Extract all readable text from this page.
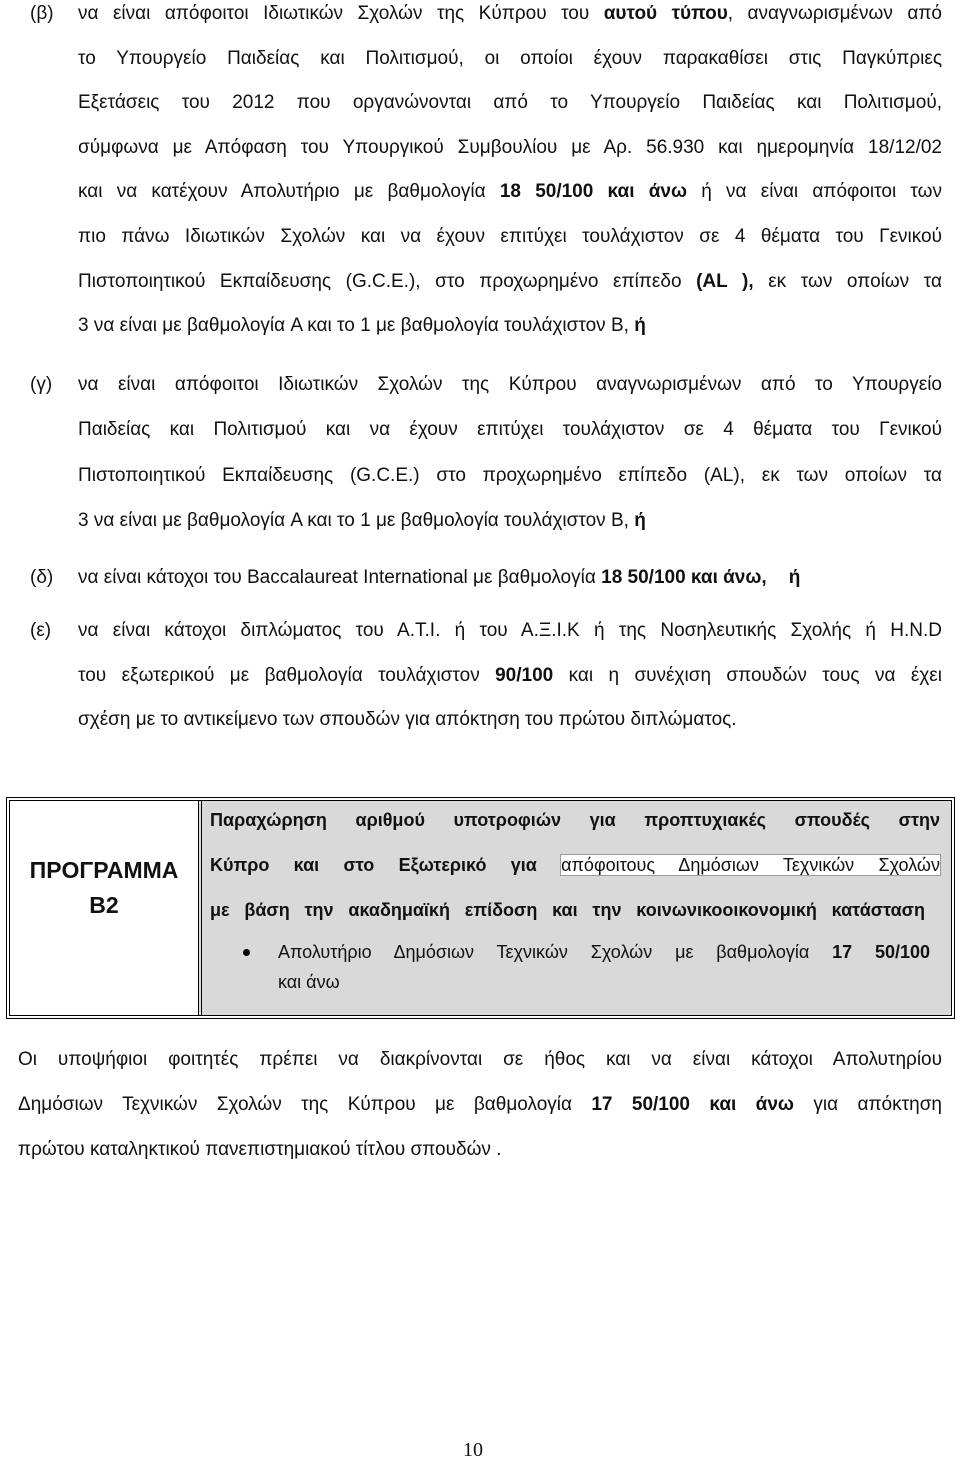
(β) να είναι απόφοιτοι Ιδιωτικών Σχολών της Κύπρου του αυτού τύπου, αναγνωρισμένων από
το Υπουργείο Παιδείας και Πολιτισμού, οι οποίοι έχουν παρακαθίσει στις Παγκύπριες
Εξετάσεις του 2012 που οργανώνονται από το Υπουργείο Παιδείας και Πολιτισμού,
σύμφωνα με Απόφαση του Υπουργικού Συμβουλίου με Αρ. 56.930 και ημερομηνία 18/12/02
και να κατέχουν Απολυτήριο με βαθμολογία 18 50/100 και άνω ή να είναι απόφοιτοι των
πιο πάνω Ιδιωτικών Σχολών και να έχουν επιτύχει τουλάχιστον σε 4 θέματα του Γενικού
Πιστοποιητικού Εκπαίδευσης (G.C.E.), στο προχωρημένο επίπεδο (AL ), εκ των οποίων τα
3 να είναι με βαθμολογία A και το 1 με βαθμολογία τουλάχιστον B, ή
(γ) να είναι απόφοιτοι Ιδιωτικών Σχολών της Κύπρου αναγνωρισμένων από το Υπουργείο
Παιδείας και Πολιτισμού και να έχουν επιτύχει τουλάχιστον σε 4 θέματα του Γενικού
Πιστοποιητικού Εκπαίδευσης (G.C.E.) στο προχωρημένο επίπεδο (AL), εκ των οποίων τα
3 να είναι με βαθμολογία A και το 1 με βαθμολογία τουλάχιστον B, ή
(δ) να είναι κάτοχοι του Baccalaureat International με βαθμολογία 18 50/100 και άνω, ή
(ε) να είναι κάτοχοι διπλώματος του Α.Τ.Ι. ή του Α.Ξ.Ι.Κ ή της Νοσηλευτικής Σχολής ή H.N.D
του εξωτερικού με βαθμολογία τουλάχιστον 90/100 και η συνέχιση σπουδών τους να έχει
σχέση με το αντικείμενο των σπουδών για απόκτηση του πρώτου διπλώματος.
ΠΡΟΓΡΑΜΜΑ
Β2
Παραχώρηση αριθμού υποτροφιών για προπτυχιακές σπουδές στην
Κύπρο και στο Εξωτερικό για απόφοιτους Δημόσιων Τεχνικών Σχολών
με βάση την ακαδημαϊκή επίδοση και την κοινωνικοοικονομική κατάσταση
Απολυτήριο Δημόσιων Τεχνικών Σχολών με βαθμολογία 17 50/100
και άνω
Οι υποψήφιοι φοιτητές πρέπει να διακρίνονται σε ήθος και να είναι κάτοχοι Απολυτηρίου
Δημόσιων Τεχνικών Σχολών της Κύπρου με βαθμολογία 17 50/100 και άνω για απόκτηση
πρώτου καταληκτικού πανεπιστημιακού τίτλου σπουδών .
10
